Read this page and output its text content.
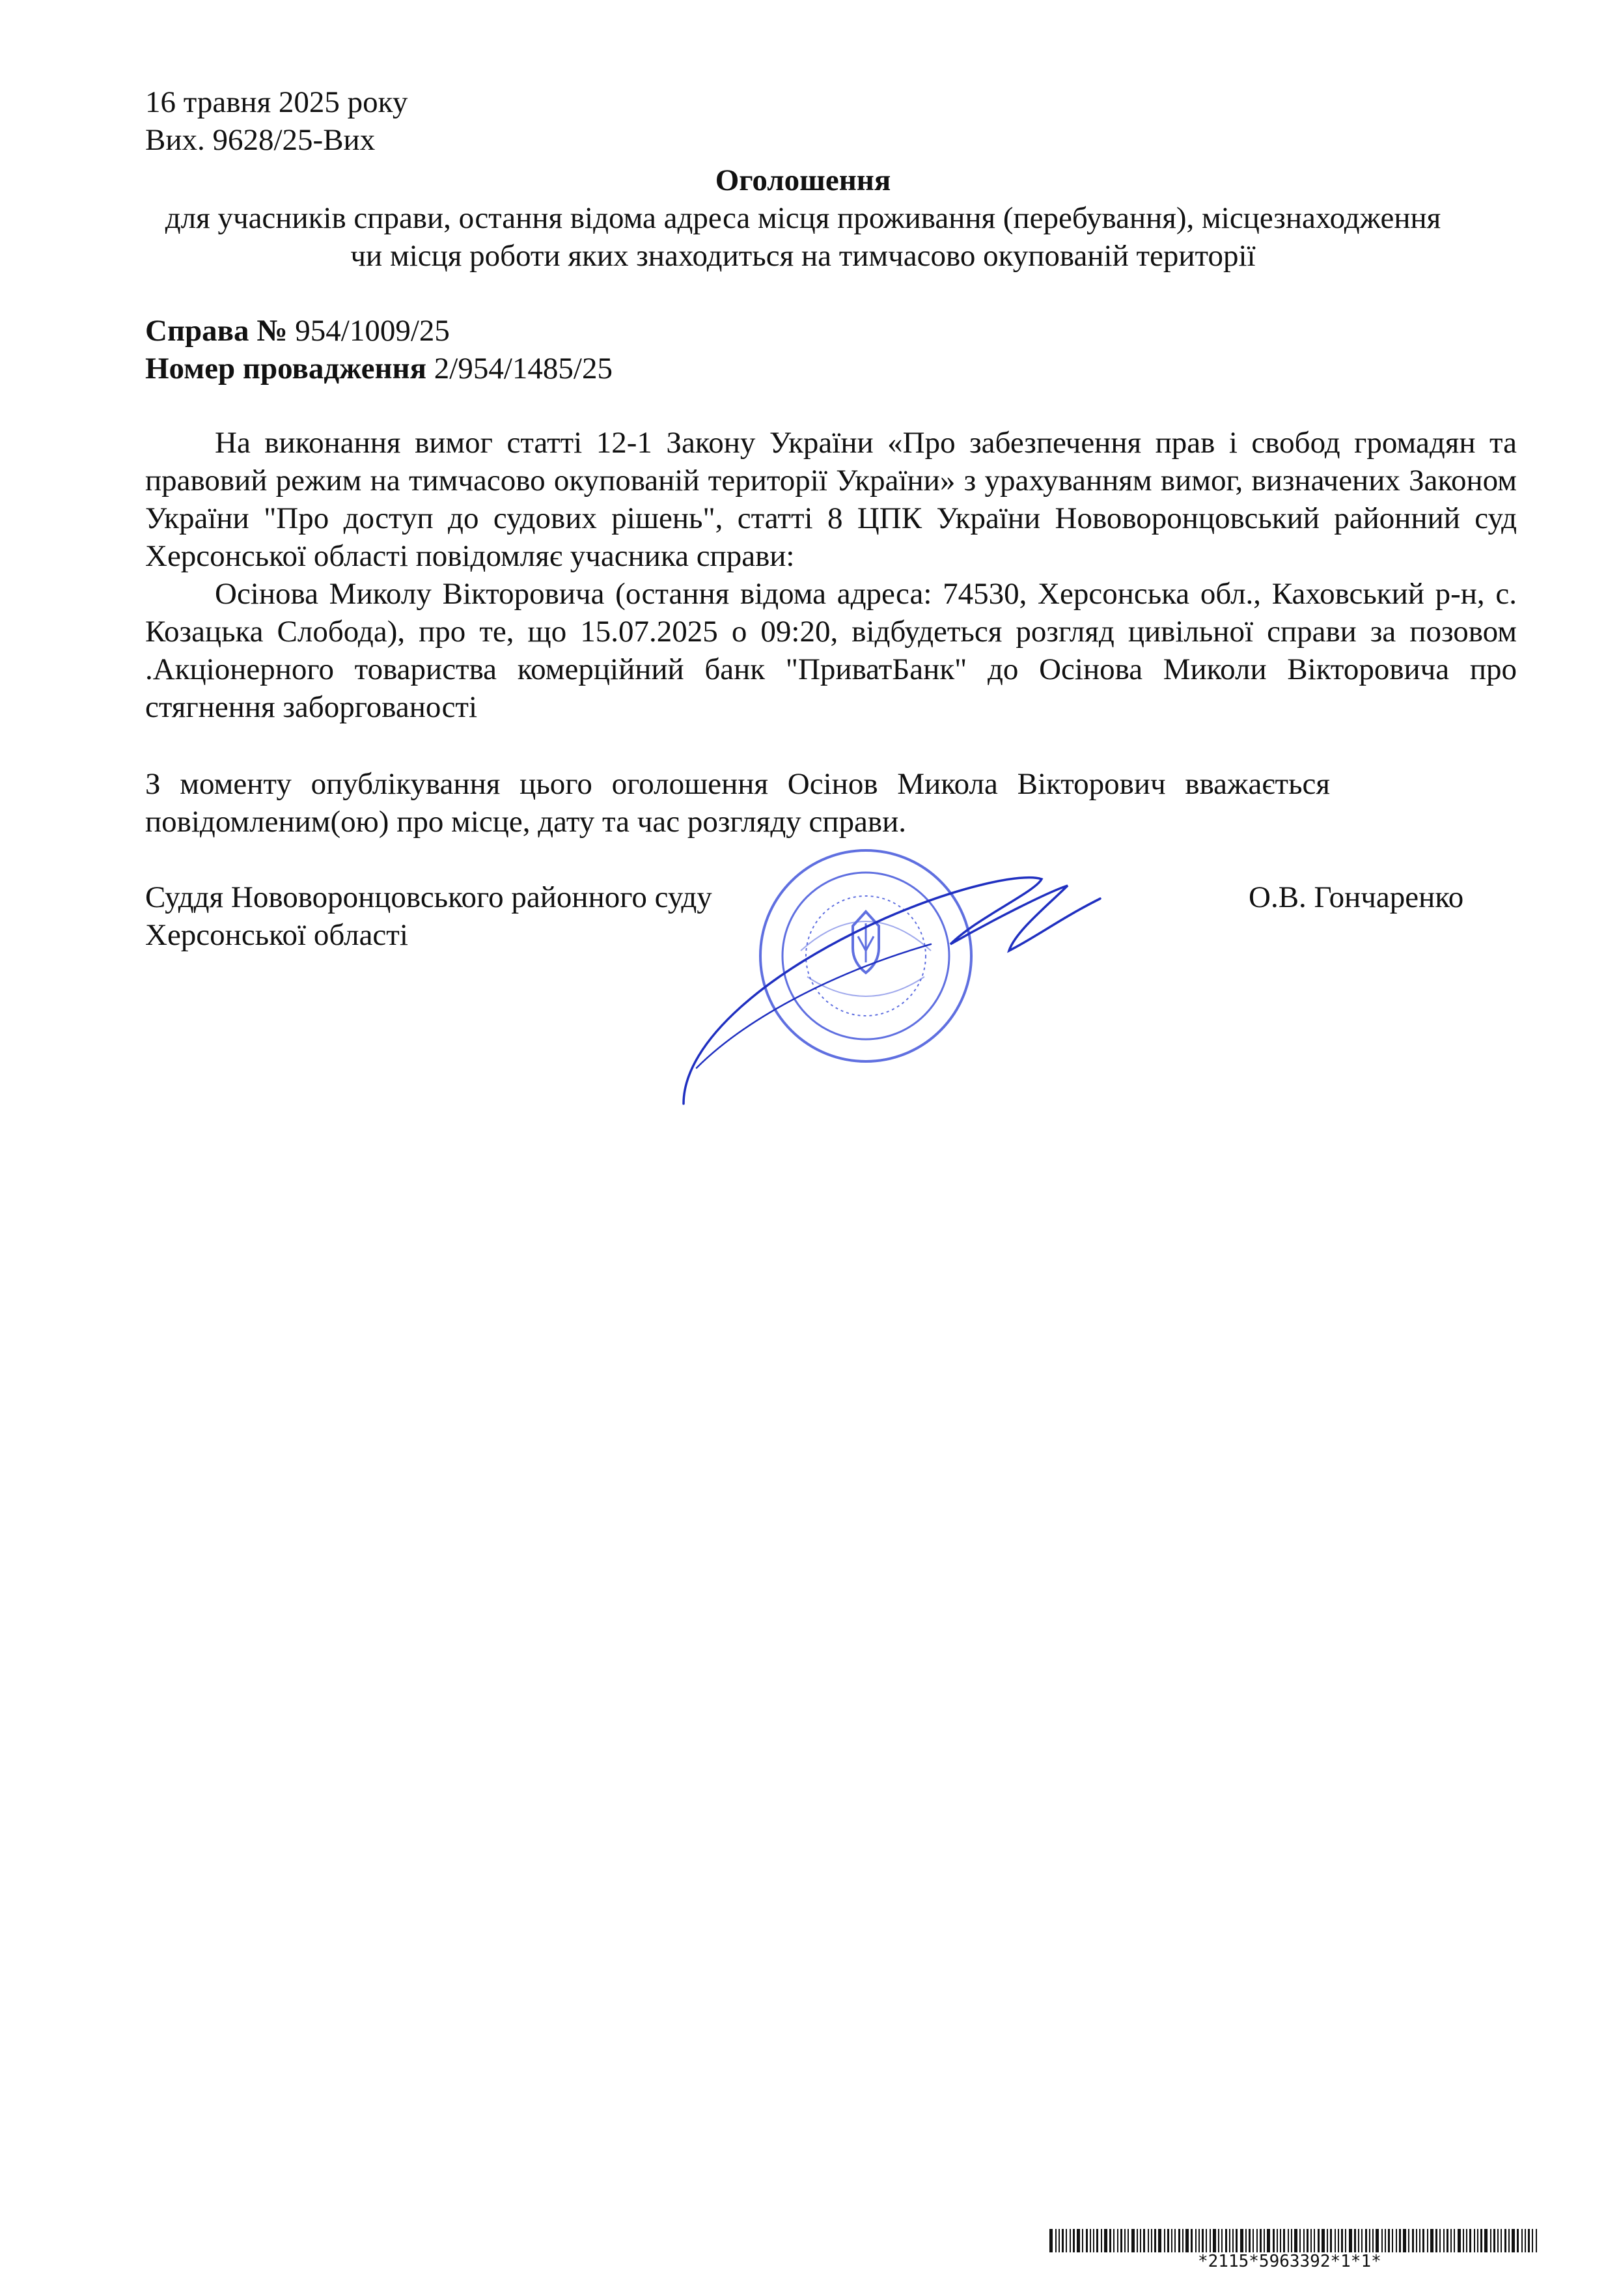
16 травня 2025 року
Вих. 9628/25-Вих
Оголошення
для учасників справи, остання відома адреса місця проживання (перебування), місцезнаходження
чи місця роботи яких знаходиться на тимчасово окупованій території
Справа № 954/1009/25
Номер провадження 2/954/1485/25
На виконання вимог статті 12-1 Закону України «Про забезпечення прав і свобод громадян та правовий режим на тимчасово окупованій території України» з урахуванням вимог, визначених Законом України "Про доступ до судових рішень", статті 8 ЦПК України Нововоронцовський районний суд Херсонської області повідомляє учасника справи:
Осінова Миколу Вікторовича (остання відома адреса: 74530, Херсонська обл., Каховський р-н, с. Козацька Слобода), про те, що 15.07.2025 о 09:20, відбудеться розгляд цивільної справи за позовом .Акціонерного товариства комерційний банк "ПриватБанк" до Осінова Миколи Вікторовича про стягнення заборгованості
З моменту опублікування цього оголошення Осінов Микола Вікторович вважається повідомленим(ою) про місце, дату та час розгляду справи.
Суддя Нововоронцовського районного суду
Херсонської області
О.В. Гончаренко
*2115*5963392*1*1*
